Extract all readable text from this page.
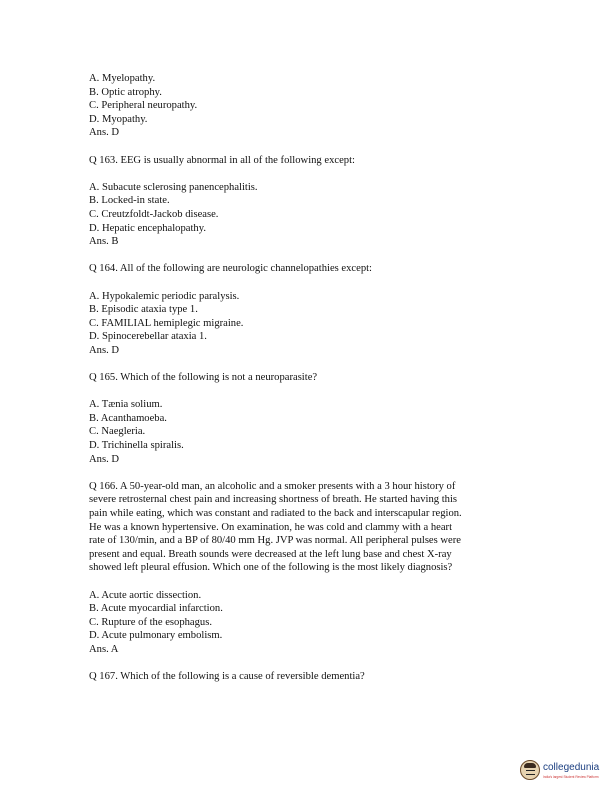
A. Myelopathy.
B. Optic atrophy.
C. Peripheral neuropathy.
D. Myopathy.
Ans. D
Q 163. EEG is usually abnormal in all of the following except:
A. Subacute sclerosing panencephalitis.
B. Locked-in state.
C. Creutzfoldt-Jackob disease.
D. Hepatic encephalopathy.
Ans. B
Q 164. All of the following are neurologic channelopathies except:
A. Hypokalemic periodic paralysis.
B. Episodic ataxia type 1.
C. FAMILIAL hemiplegic migraine.
D. Spinocerebellar ataxia 1.
Ans. D
Q 165. Which of the following is not a neuroparasite?
A. Tænia solium.
B. Acanthamoeba.
C. Naegleria.
D. Trichinella spiralis.
Ans. D
Q 166. A 50-year-old man, an alcoholic and a smoker presents with a 3 hour history of
severe retrosternal chest pain and increasing shortness of breath. He started having this
pain while eating, which was constant and radiated to the back and interscapular region.
He was a known hypertensive. On examination, he was cold and clammy with a heart
rate of 130/min, and a BP of 80/40 mm Hg. JVP was normal. All peripheral pulses were
present and equal. Breath sounds were decreased at the left lung base and chest X-ray
showed left pleural effusion. Which one of the following is the most likely diagnosis?
A. Acute aortic dissection.
B. Acute myocardial infarction.
C. Rupture of the esophagus.
D. Acute pulmonary embolism.
Ans. A
Q 167. Which of the following is a cause of reversible dementia?
collegedunia
India's largest Student Review Platform
